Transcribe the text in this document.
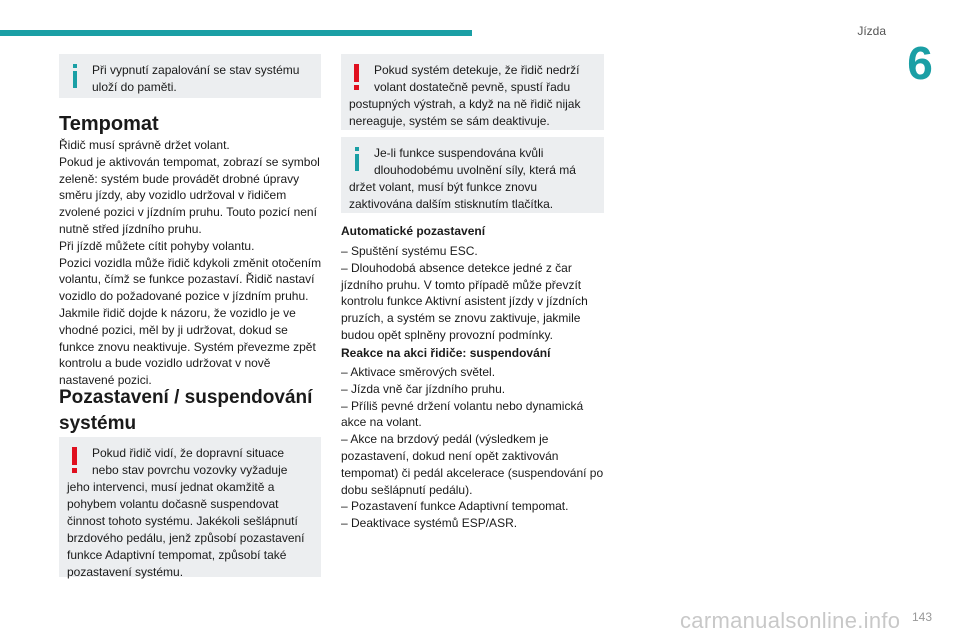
Jízda
6
Při vypnutí zapalování se stav systému uloží do paměti.
Tempomat
Řidič musí správně držet volant.
Pokud je aktivován tempomat, zobrazí se symbol zeleně: systém bude provádět drobné úpravy směru jízdy, aby vozidlo udržoval v řidičem zvolené pozici v jízdním pruhu. Touto pozicí není nutně střed jízdního pruhu.
Při jízdě můžete cítit pohyby volantu.
Pozici vozidla může řidič kdykoli změnit otočením volantu, čímž se funkce pozastaví. Řidič nastaví vozidlo do požadované pozice v jízdním pruhu. Jakmile řidič dojde k názoru, že vozidlo je ve vhodné pozici, měl by ji udržovat, dokud se funkce znovu neaktivuje. Systém převezme zpět kontrolu a bude vozidlo udržovat v nově nastavené pozici.
Pozastavení / suspendování systému
Pokud řidič vidí, že dopravní situace nebo stav povrchu vozovky vyžaduje jeho intervenci, musí jednat okamžitě a pohybem volantu dočasně suspendovat činnost tohoto systému. Jakékoli sešlápnutí brzdového pedálu, jenž způsobí pozastavení funkce Adaptivní tempomat, způsobí také pozastavení systému.
Pokud systém detekuje, že řidič nedrží volant dostatečně pevně, spustí řadu postupných výstrah, a když na ně řidič nijak nereaguje, systém se sám deaktivuje.
Je-li funkce suspendována kvůli dlouhodobému uvolnění síly, která má držet volant, musí být funkce znovu zaktivována dalším stisknutím tlačítka.
Automatické pozastavení
– Spuštění systému ESC.
– Dlouhodobá absence detekce jedné z čar jízdního pruhu. V tomto případě může převzít kontrolu funkce Aktivní asistent jízdy v jízdních pruzích, a systém se znovu zaktivuje, jakmile budou opět splněny provozní podmínky.
Reakce na akci řidiče: suspendování
– Aktivace směrových světel.
– Jízda vně čar jízdního pruhu.
– Příliš pevné držení volantu nebo dynamická akce na volant.
– Akce na brzdový pedál (výsledkem je pozastavení, dokud není opět zaktivován tempomat) či pedál akcelerace (suspendování po dobu sešlápnutí pedálu).
– Pozastavení funkce Adaptivní tempomat.
– Deaktivace systémů ESP/ASR.
carmanualsonline.info 143
